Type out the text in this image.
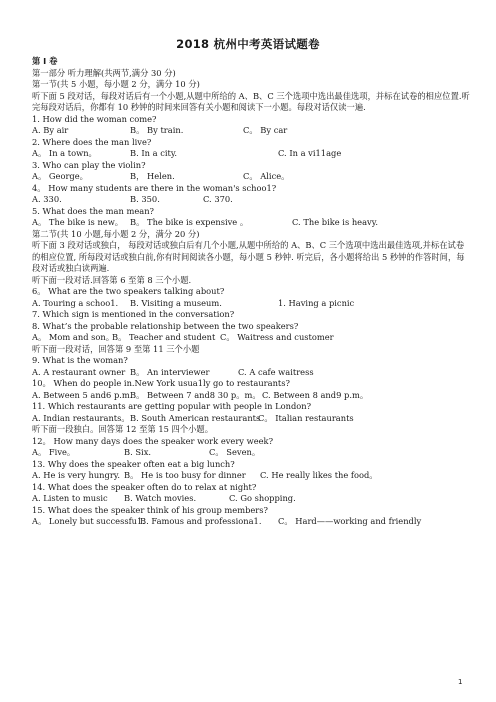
2018 杭州中考英语试题卷
第 I 卷
第一部分 听力理解(共两节,满分 30 分)
第一节(共 5 小题，每小题 2 分，满分 10 分)
听下面 5 段对话，每段对话后有一个小题,从题中所给的 A、B、C 三个选项中选出最佳选项，并标在试卷的相应位置.听完每段对话后，你都有 10 秒钟的时间来回答有关小题和阅读下一小题。每段对话仅读一遍.
1. How did the woman come?
A. By air	B。 By train.	C。 By car
2. Where does the man live?
A。 In a town。	B. In a city.	C. In a vi11age
3. Who can play the violin?
A。 George。	B， Helen.	C。 Alice。
4。 How many students are there in the woman's schoo1?
A. 330.	B. 350.	C. 370.
5. What does the man mean?
A。 The bike is new。 B。 The bike is expensive 。	C. The bike is heavy.
第二节(共 10 小题,每小题 2 分，满分 20 分)
听下面 3 段对话或独白， 每段对话或独白后有几个小题,从题中所给的 A、B、C 三个选项中选出最佳选项,并标在试卷的相应位置, 所每段对话或独白前,你有时间阅读各小题，每小题 5 秒钟. 听完后，各小题将给出 5 秒钟的作答时间，每段对话或独白读两遍.
听下面一段对话.回答第 6 至第 8 三个小题.
6。 What are the two speakers talking about?
A. Touring a schoo1. B. Visiting a museum.	1. Having a picnic
7. Which sign is mentioned in the conversation?
8. What’s the probable relationship between the two speakers?
A。 Mom and son。B。 Teacher and student C。 Waitress and customer
听下面一段对话，回答第 9 至第 11 三个小题
9. What is the woman?
A. A restaurant owner B。 An interviewer	C. A cafe waitress
10。 When do people in.New York usua1ly go to restaurants?
A. Between 5 and6 p.m.B。 Between 7 and8 30 p。m。C. Between 8 and9 p.m。
11. Which restaurants are getting popular with people in London?
A. Indian restaurants。B. South American restaurantsC。 Italian restaurants
听下面一段独白。回答第 12 至第 15 四个小题。
12。 How many days does the speaker work every week?
A。 Five。	B. Six.	C。 Seven。
13. Why does the speaker often eat a big lunch?
A. He is very hungry. B。 He is too busy for dinner C. He really likes the food。
14. What does the speaker often do to relax at night?
A. Listen to music B. Watch movies.	C. Go shopping.
15. What does the speaker think of his group members?
A。 Lonely but successfu1.B. Famous and professiona1. C。 Hard——working and friendly
1
